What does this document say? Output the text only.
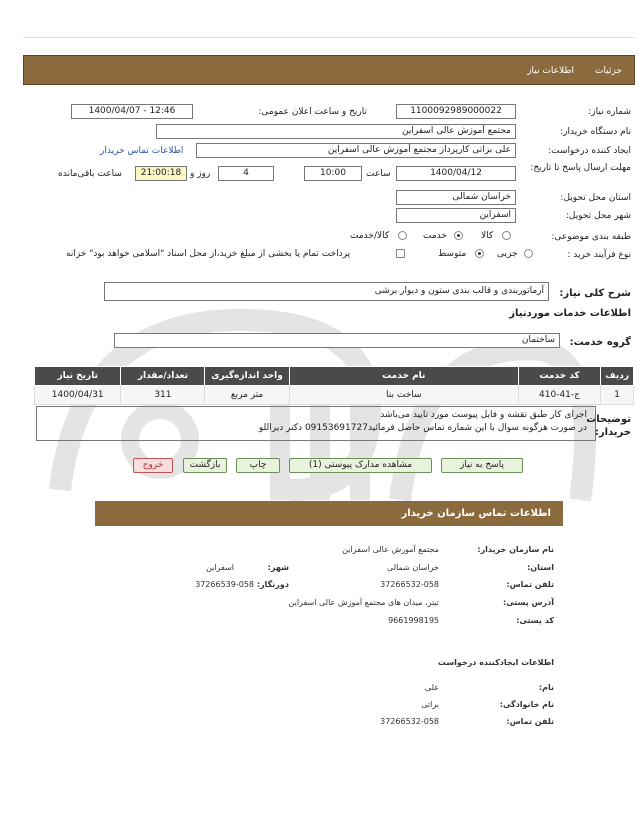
جزئیات
اطلاعات نیاز
شماره نیاز:
1100092989000022
تاریخ و ساعت اعلان عمومی:
1400/04/07 - 12:46
نام دستگاه خریدار:
مجتمع آموزش عالی اسفراین
ایجاد کننده درخواست:
علی براتی کارپرداز مجتمع آموزش عالی اسفراین
اطلاعات تماس خریدار
مهلت ارسال پاسخ تا تاریخ:
1400/04/12
ساعت
10:00
4
روز و
21:00:18
ساعت باقی‌مانده
استان محل تحویل:
خراسان شمالی
شهر محل تحویل:
اسفراین
طبقه بندی موضوعی:
کالا
خدمت
کالا/خدمت
نوع فرآیند خرید :
جزیی
متوسط
پرداخت تمام یا بخشی از مبلغ خرید،از محل اسناد "اسلامی خواهد بود" خزانه
شرح کلی نیاز:
آرماتوربندی و قالب بندی ستون و دیوار برشی
اطلاعات خدمات مورد‌نیاز
گروه خدمت:
ساختمان
ردیف	کد خدمت	نام خدمت	واحد اندازه‌گیری	تعداد/مقدار	تاریخ نیاز
1	ج-41-410	ساخت بنا	متر مربع	311	1400/04/31
توضیحات خریدار:
اجرای کار طبق نقشه و فایل پیوست مورد تایید می‌باشد
در صورت هرگونه سوال با این شماره تماس حاصل فرمائید09153691727 دکتر دیراللو
پاسخ به نیاز
مشاهده مدارک پیوستی (1)
چاپ
بازگشت
خروج
اطلاعات تماس سازمان خریدار
نام سازمان خریدار:
مجتمع آموزش عالی اسفراین
استان:
خراسان شمالی
شهر:
اسفراین
تلفن تماس:
37266532-058
دورنگار:
37266539-058
آدرس پستی:
تیتر، میدان های مجتمع آموزش عالی اسفراین
کد پستی:
9661998195
اطلاعات ایجاد‌کننده درخواست
نام:
علی
نام خانوادگی:
براتی
تلفن تماس:
37266532-058
